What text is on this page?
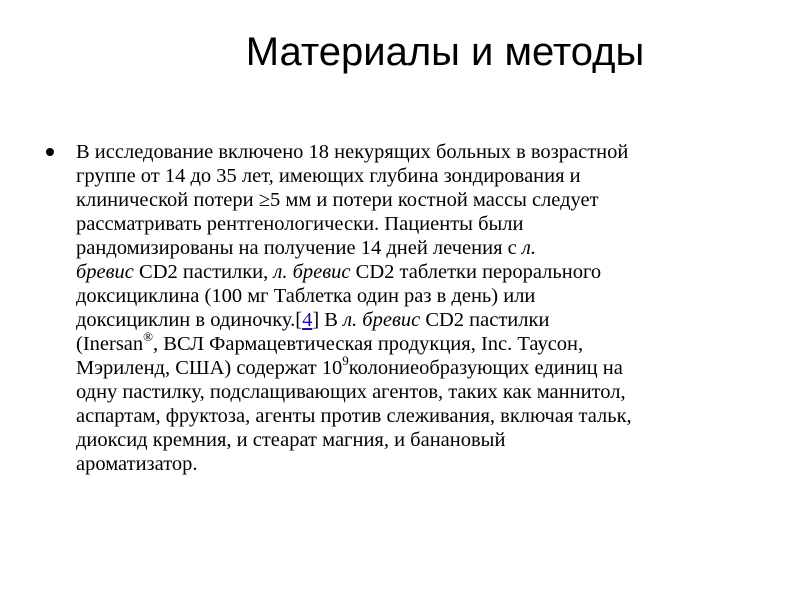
Материалы и методы
В исследование включено 18 некурящих больных в возрастной
группе от 14 до 35 лет, имеющих глубина зондирования и
клинической потери ≥5 мм и потери костной массы следует
рассматривать рентгенологически. Пациенты были
рандомизированы на получение 14 дней лечения с л.
бревис CD2 пастилки, л. бревис CD2 таблетки перорального
доксициклина (100 мг Таблетка один раз в день) или
доксициклин в одиночку.[4] В л. бревис CD2 пастилки
(Inersan®, ВСЛ Фармацевтическая продукция, Inc. Таусон,
Мэриленд, США) содержат $10^9колониеобразующих$ единиц на
одну пастилку, подслащивающих агентов, таких как маннитол,
аспартам, фруктоза, агенты против слеживания, включая тальк,
диоксид кремния, и стеарат магния, и банановый
ароматизатор.
